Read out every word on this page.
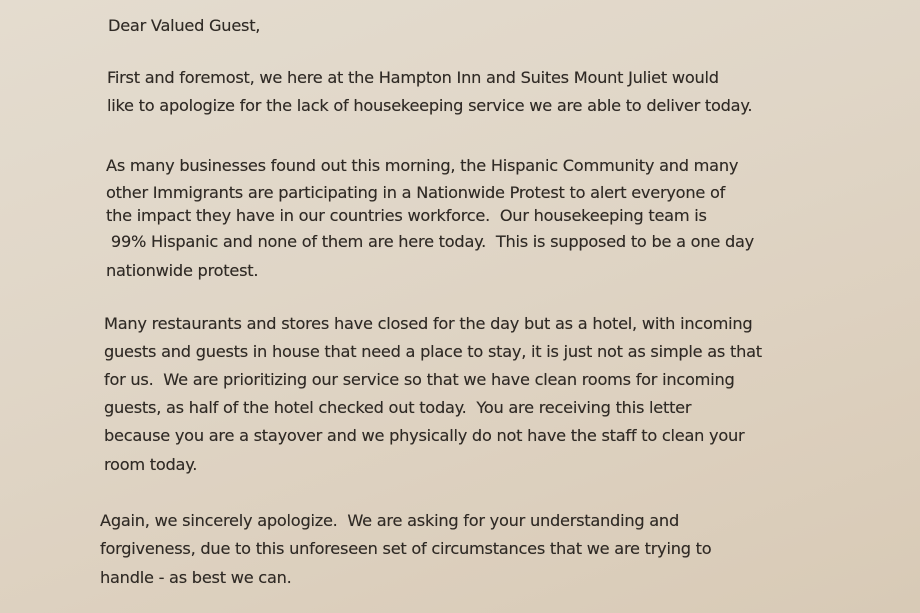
Dear Valued Guest,
First and foremost, we here at the Hampton Inn and Suites Mount Juliet would
like to apologize for the lack of housekeeping service we are able to deliver today.
As many businesses found out this morning, the Hispanic Community and many
other Immigrants are participating in a Nationwide Protest to alert everyone of
the impact they have in our countries workforce.  Our housekeeping team is
99% Hispanic and none of them are here today.  This is supposed to be a one day
nationwide protest.
Many restaurants and stores have closed for the day but as a hotel, with incoming
guests and guests in house that need a place to stay, it is just not as simple as that
for us.  We are prioritizing our service so that we have clean rooms for incoming
guests, as half of the hotel checked out today.  You are receiving this letter
because you are a stayover and we physically do not have the staff to clean your
room today.
Again, we sincerely apologize.  We are asking for your understanding and
forgiveness, due to this unforeseen set of circumstances that we are trying to
handle - as best we can.
